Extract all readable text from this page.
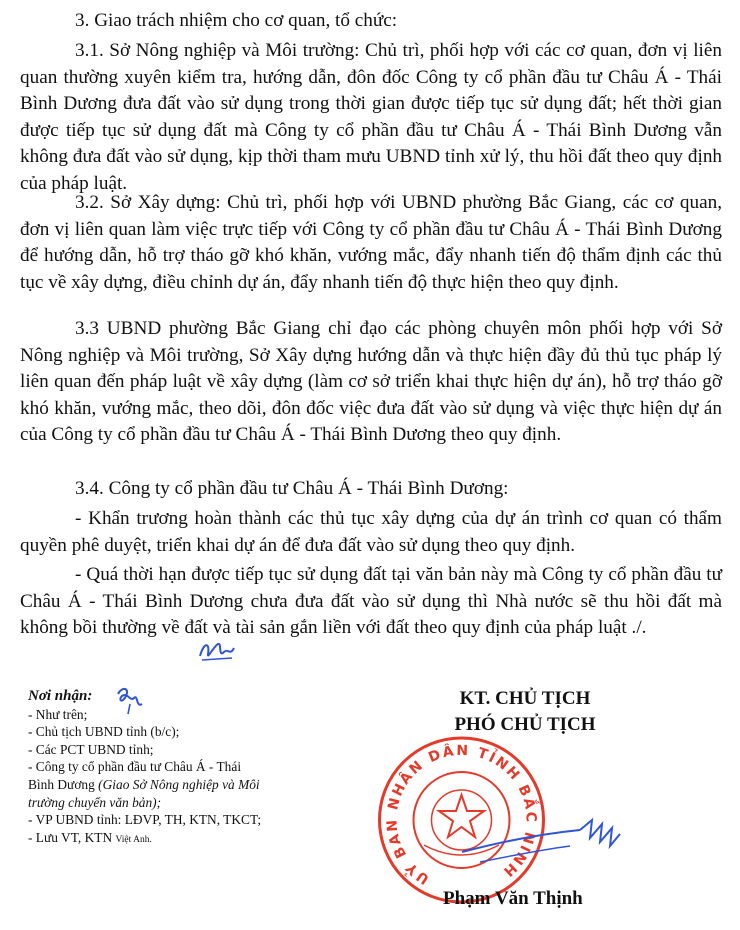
3. Giao trách nhiệm cho cơ quan, tổ chức:

3.1. Sở Nông nghiệp và Môi trường: Chủ trì, phối hợp với các cơ quan, đơn vị liên quan thường xuyên kiểm tra, hướng dẫn, đôn đốc Công ty cổ phần đầu tư Châu Á - Thái Bình Dương đưa đất vào sử dụng trong thời gian được tiếp tục sử dụng đất; hết thời gian được tiếp tục sử dụng đất mà Công ty cổ phần đầu tư Châu Á - Thái Bình Dương vẫn không đưa đất vào sử dụng, kịp thời tham mưu UBND tỉnh xử lý, thu hồi đất theo quy định của pháp luật.

3.2. Sở Xây dựng: Chủ trì, phối hợp với UBND phường Bắc Giang, các cơ quan, đơn vị liên quan làm việc trực tiếp với Công ty cổ phần đầu tư Châu Á - Thái Bình Dương để hướng dẫn, hỗ trợ tháo gỡ khó khăn, vướng mắc, đẩy nhanh tiến độ thẩm định các thủ tục về xây dựng, điều chỉnh dự án, đẩy nhanh tiến độ thực hiện theo quy định.

3.3 UBND phường Bắc Giang chỉ đạo các phòng chuyên môn phối hợp với Sở Nông nghiệp và Môi trường, Sở Xây dựng hướng dẫn và thực hiện đầy đủ thủ tục pháp lý liên quan đến pháp luật về xây dựng (làm cơ sở triển khai thực hiện dự án), hỗ trợ tháo gỡ khó khăn, vướng mắc, theo dõi, đôn đốc việc đưa đất vào sử dụng và việc thực hiện dự án của Công ty cổ phần đầu tư Châu Á - Thái Bình Dương theo quy định.

3.4. Công ty cổ phần đầu tư Châu Á - Thái Bình Dương:

- Khẩn trương hoàn thành các thủ tục xây dựng của dự án trình cơ quan có thẩm quyền phê duyệt, triển khai dự án để đưa đất vào sử dụng theo quy định.

- Quá thời hạn được tiếp tục sử dụng đất tại văn bản này mà Công ty cổ phần đầu tư Châu Á - Thái Bình Dương chưa đưa đất vào sử dụng thì Nhà nước sẽ thu hồi đất mà không bồi thường về đất và tài sản gắn liền với đất theo quy định của pháp luật ./.

Nơi nhận:
- Như trên;
- Chủ tịch UBND tỉnh (b/c);
- Các PCT UBND tỉnh;
- Công ty cổ phần đầu tư Châu Á - Thái
Bình Dương (Giao Sở Nông nghiệp và Môi
trường chuyển văn bản);
- VP UBND tỉnh: LĐVP, TH, KTN, TKCT;
- Lưu VT, KTN Việt Anh.
KT. CHỦ TỊCH
PHÓ CHỦ TỊCH
UỶ BAN NHÂN DÂN TỈNH BẮC NINH
Phạm Văn Thịnh
